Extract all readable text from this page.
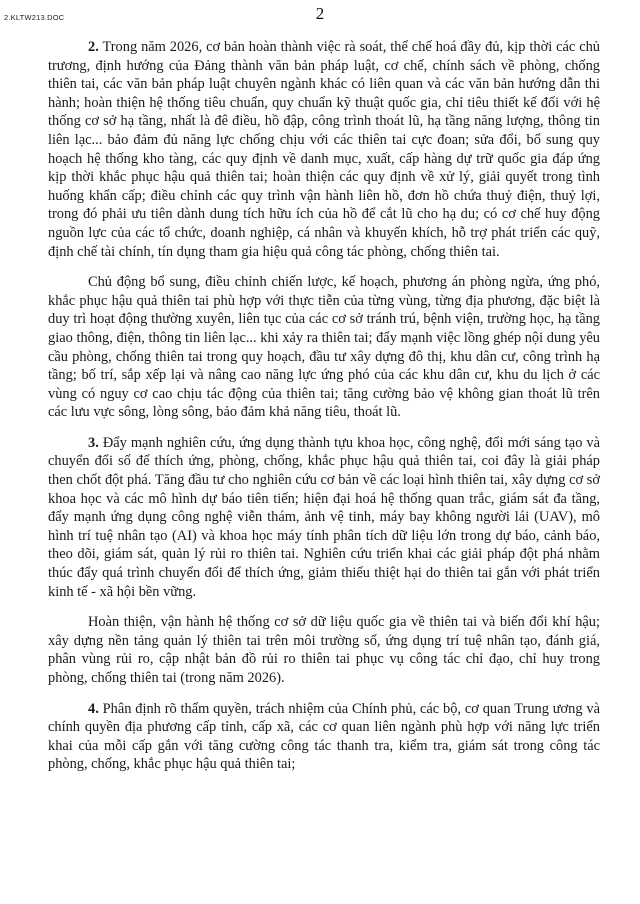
2.KLTW213.DOC	2

2. Trong năm 2026, cơ bản hoàn thành việc rà soát, thể chế hoá đầy đủ, kịp thời các chủ trương, định hướng của Đảng thành văn bản pháp luật, cơ chế, chính sách về phòng, chống thiên tai, các văn bản pháp luật chuyên ngành khác có liên quan và các văn bản hướng dẫn thi hành; hoàn thiện hệ thống tiêu chuẩn, quy chuẩn kỹ thuật quốc gia, chỉ tiêu thiết kế đối với hệ thống cơ sở hạ tầng, nhất là đê điều, hồ đập, công trình thoát lũ, hạ tầng năng lượng, thông tin liên lạc... bảo đảm đủ năng lực chống chịu với các thiên tai cực đoan; sửa đổi, bổ sung quy hoạch hệ thống kho tàng, các quy định về danh mục, xuất, cấp hàng dự trữ quốc gia đáp ứng kịp thời khắc phục hậu quả thiên tai; hoàn thiện các quy định về xử lý, giải quyết trong tình huống khẩn cấp; điều chỉnh các quy trình vận hành liên hồ, đơn hồ chứa thuỷ điện, thuỷ lợi, trong đó phải ưu tiên dành dung tích hữu ích của hồ để cắt lũ cho hạ du; có cơ chế huy động nguồn lực của các tổ chức, doanh nghiệp, cá nhân và khuyến khích, hỗ trợ phát triển các quỹ, định chế tài chính, tín dụng tham gia hiệu quả công tác phòng, chống thiên tai.

Chủ động bổ sung, điều chỉnh chiến lược, kế hoạch, phương án phòng ngừa, ứng phó, khắc phục hậu quả thiên tai phù hợp với thực tiễn của từng vùng, từng địa phương, đặc biệt là duy trì hoạt động thường xuyên, liên tục của các cơ sở tránh trú, bệnh viện, trường học, hạ tầng giao thông, điện, thông tin liên lạc... khi xảy ra thiên tai; đẩy mạnh việc lồng ghép nội dung yêu cầu phòng, chống thiên tai trong quy hoạch, đầu tư xây dựng đô thị, khu dân cư, công trình hạ tầng; bố trí, sắp xếp lại và nâng cao năng lực ứng phó của các khu dân cư, khu du lịch ở các vùng có nguy cơ cao chịu tác động của thiên tai; tăng cường bảo vệ không gian thoát lũ trên các lưu vực sông, lòng sông, bảo đảm khả năng tiêu, thoát lũ.

3. Đẩy mạnh nghiên cứu, ứng dụng thành tựu khoa học, công nghệ, đổi mới sáng tạo và chuyển đổi số để thích ứng, phòng, chống, khắc phục hậu quả thiên tai, coi đây là giải pháp then chốt đột phá. Tăng đầu tư cho nghiên cứu cơ bản về các loại hình thiên tai, xây dựng cơ sở khoa học và các mô hình dự báo tiên tiến; hiện đại hoá hệ thống quan trắc, giám sát đa tầng, đẩy mạnh ứng dụng công nghệ viễn thám, ảnh vệ tinh, máy bay không người lái (UAV), mô hình trí tuệ nhân tạo (AI) và khoa học máy tính phân tích dữ liệu lớn trong dự báo, cảnh báo, theo dõi, giám sát, quản lý rủi ro thiên tai. Nghiên cứu triển khai các giải pháp đột phá nhằm thúc đẩy quá trình chuyển đổi để thích ứng, giảm thiểu thiệt hại do thiên tai gắn với phát triển kinh tế - xã hội bền vững.

Hoàn thiện, vận hành hệ thống cơ sở dữ liệu quốc gia về thiên tai và biến đổi khí hậu; xây dựng nền tảng quản lý thiên tai trên môi trường số, ứng dụng trí tuệ nhân tạo, đánh giá, phân vùng rủi ro, cập nhật bản đồ rủi ro thiên tai phục vụ công tác chỉ đạo, chỉ huy trong phòng, chống thiên tai (trong năm 2026).

4. Phân định rõ thẩm quyền, trách nhiệm của Chính phủ, các bộ, cơ quan Trung ương và chính quyền địa phương cấp tỉnh, cấp xã, các cơ quan liên ngành phù hợp với năng lực triển khai của mỗi cấp gắn với tăng cường công tác thanh tra, kiểm tra, giám sát trong công tác phòng, chống, khắc phục hậu quả thiên tai;
